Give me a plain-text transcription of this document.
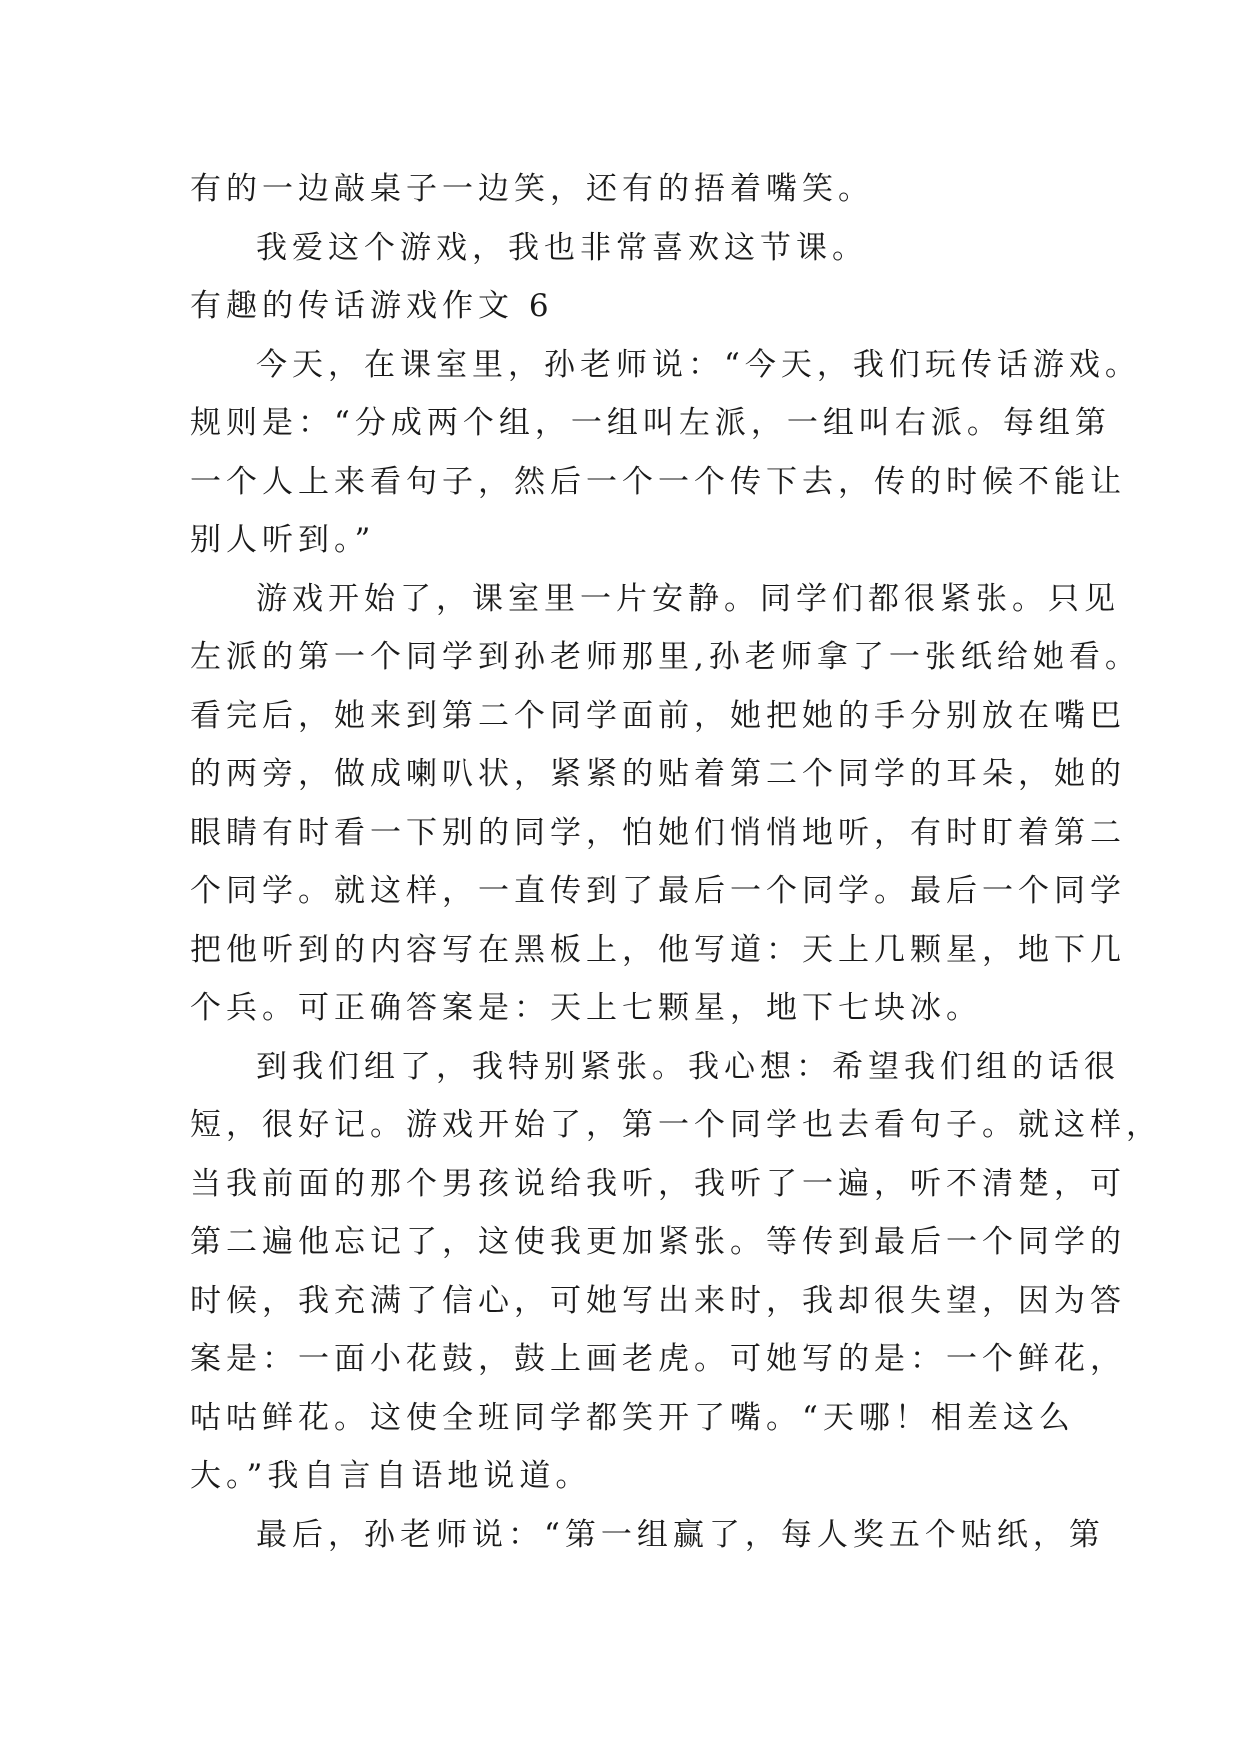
有的一边敲桌子一边笑，还有的捂着嘴笑。
我爱这个游戏，我也非常喜欢这节课。
有趣的传话游戏作文 6
今天，在课室里，孙老师说：“今天，我们玩传话游戏。
规则是：“分成两个组，一组叫左派，一组叫右派。每组第
一个人上来看句子，然后一个一个传下去，传的时候不能让
别人听到。”
游戏开始了，课室里一片安静。同学们都很紧张。只见
左派的第一个同学到孙老师那里,孙老师拿了一张纸给她看。
看完后，她来到第二个同学面前，她把她的手分别放在嘴巴
的两旁，做成喇叭状，紧紧的贴着第二个同学的耳朵，她的
眼睛有时看一下别的同学，怕她们悄悄地听，有时盯着第二
个同学。就这样，一直传到了最后一个同学。最后一个同学
把他听到的内容写在黑板上，他写道：天上几颗星，地下几
个兵。可正确答案是：天上七颗星，地下七块冰。
到我们组了，我特别紧张。我心想：希望我们组的话很
短，很好记。游戏开始了，第一个同学也去看句子。就这样，
当我前面的那个男孩说给我听，我听了一遍，听不清楚，可
第二遍他忘记了，这使我更加紧张。等传到最后一个同学的
时候，我充满了信心，可她写出来时，我却很失望，因为答
案是：一面小花鼓，鼓上画老虎。可她写的是：一个鲜花，
咕咕鲜花。这使全班同学都笑开了嘴。“天哪！相差这么
大。”我自言自语地说道。
最后，孙老师说：“第一组赢了，每人奖五个贴纸，第
